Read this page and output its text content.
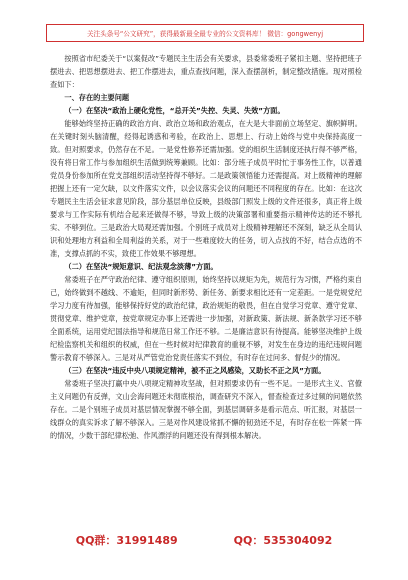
关注头条号“公文研究”，获得最新最全最专业的公文资料库！ 微信：gongwenyj

按照省市纪委关于“以案促改”专题民主生活会有关要求，县委常委班子紧扣主题、坚持把班子摆进去、把思想摆进去、把工作摆进去，重点查找问题，深入查摆剖析，制定整改措施。现对照检查如下：

一、存在的主要问题

（一）在坚决“政治上硬化党性，“总开关”失控、失灵、失效”方面。

能够始终坚持正确的政治方向、政治立场和政治观点，在大是大非面前立场坚定、旗帜鲜明。在关键时刻头脑清醒，经得起诱惑和考验，在政治上、思想上、行动上始终与党中央保持高度一致。但对照要求，仍然存在不足。一是党性修养还需加强。党的组织生活制度还执行得不够严格，没有将日常工作与参加组织生活做到统筹兼顾。比如：部分班子成员平时忙于事务性工作，以普通党员身份参加所在党支部组织活动坚持得不够好。二是政策领悟能力还需提高。对上级精神的理解把握上还有一定欠缺，以文件落实文件，以会议落实会议的问题还不同程度的存在。比如：在这次专题民主生活会征求意见阶段，部分基层单位反映，县级部门照发上级的文件还很多，真正将上级要求与工作实际有机结合起来还做得不够，导致上级的决策部署和重要指示精神传达的还不够扎实、不够到位。三是政治大局观还需加强。个别班子成员对上级精神理解还不深刻，缺乏从全局认识和处理地方利益和全局利益的关系，对于一些难度较大的任务，切入点找的不好，结合点选的不准，支撑点抓的不实，致使工作效果不够理想。

（二）在坚决“规矩意识、纪法观念淡薄”方面。

常委班子在严守政治纪律、遵守组织原则，始终坚持以规矩为先，规范行为习惯，严格约束自己，始终做到不越线、不逾矩，但同时新形势、新任务、新要求相比还有一定差距。一是党规党纪学习力度有待加强，能够保持好党的政治纪律，政治规矩的敬畏，但在自觉学习党章、遵守党章、贯彻党章、维护党章，按党章规定办事上还需进一步加强，对新政策、新法规、新条款学习还不够全面系统，运用党纪国法指导和规范日常工作还不够。二是廉洁意识有待提高。能够坚决维护上级纪检监察机关和组织的权威，但在一些时候对纪律教育的重视不够，对发生在身边的违纪违规问题警示教育不够深入。三是对从严管党治党责任落实不到位，有时存在过问多、督促少的情况。

（三）在坚决“违反中央八项规定精神，被不正之风感染，又助长不正之风”方面。

常委班子坚决打赢中央八项规定精神攻坚战，但对照要求仍有一些不足。一是形式主义、官僚主义问题仍有反弹，文山会海问题还未彻底根治，调查研究不深入，督查检查过多过频的问题依然存在。二是个别班子成员对基层情况掌握不够全面，到基层调研多是看示范点、听汇报，对基层一线群众的真实诉求了解不够深入。三是对作风建设常抓不懈的韧劲还不足，有时存在松一阵紧一阵的情况，少数干部纪律松弛、作风漂浮的问题还没有得到根本解决。

QQ群：31991489	QQ：535304092
